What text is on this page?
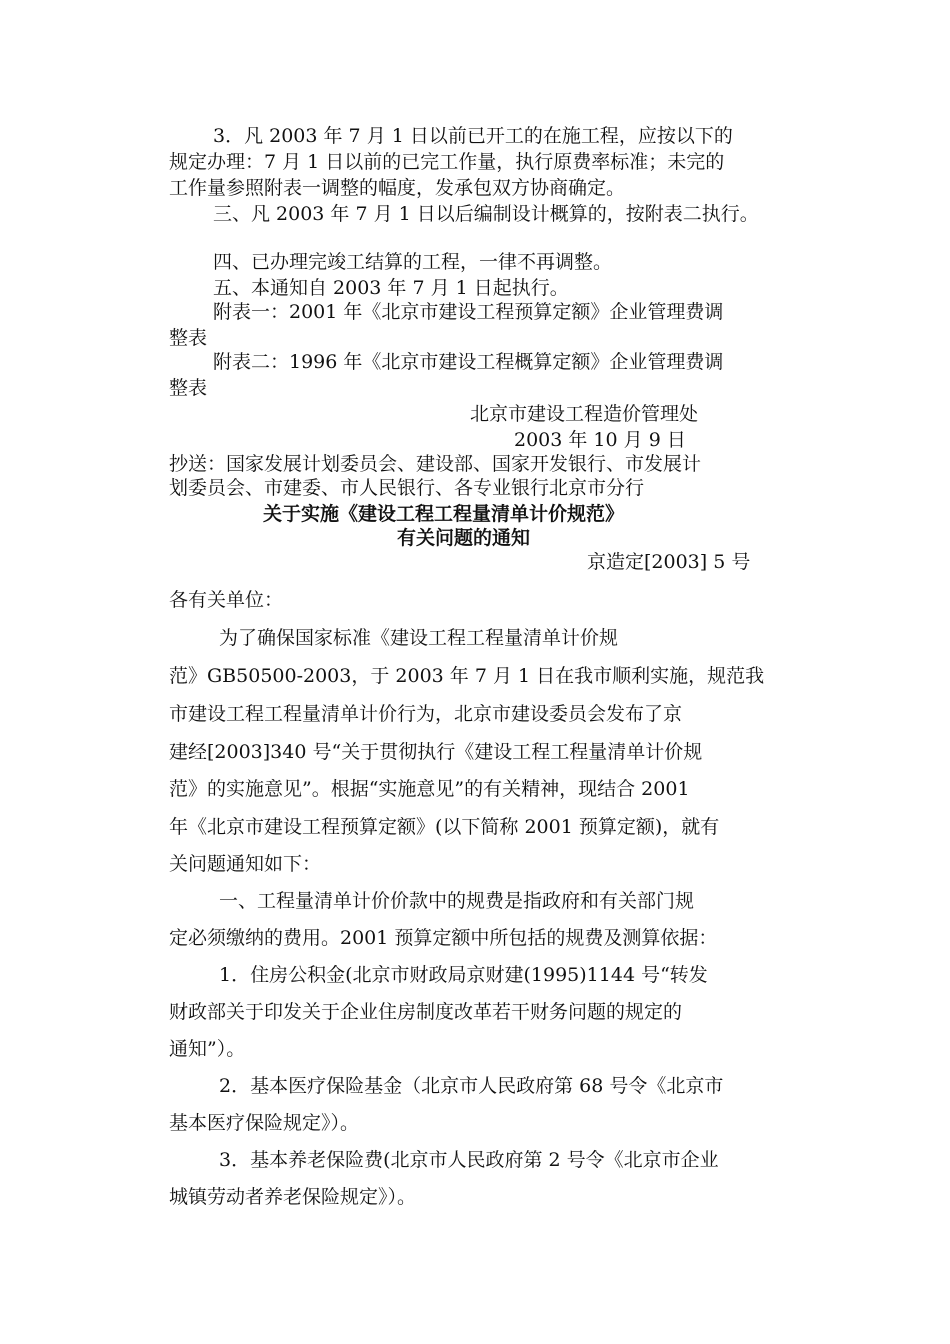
3．凡 2003 年 7 月 1 日以前已开工的在施工程，应按以下的
规定办理：7 月 1 日以前的已完工作量，执行原费率标准；未完的
工作量参照附表一调整的幅度，发承包双方协商确定。
三、凡 2003 年 7 月 1 日以后编制设计概算的，按附表二执行。
四、已办理完竣工结算的工程，一律不再调整。
五、本通知自 2003 年 7 月 1 日起执行。
附表一：2001 年《北京市建设工程预算定额》企业管理费调
整表
附表二：1996 年《北京市建设工程概算定额》企业管理费调
整表
北京市建设工程造价管理处
2003 年 10 月 9 日
抄送：国家发展计划委员会、建设部、国家开发银行、市发展计
划委员会、市建委、市人民银行、各专业银行北京市分行
关于实施《建设工程工程量清单计价规范》
有关问题的通知
京造定[2003] 5 号
各有关单位：
为了确保国家标准《建设工程工程量清单计价规
范》GB50500-2003，于 2003 年 7 月 1 日在我市顺利实施，规范我
市建设工程工程量清单计价行为，北京市建设委员会发布了京
建经[2003]340 号“关于贯彻执行《建设工程工程量清单计价规
范》的实施意见”。根据“实施意见”的有关精神，现结合 2001
年《北京市建设工程预算定额》(以下简称 2001 预算定额)，就有
关问题通知如下：
一、工程量清单计价价款中的规费是指政府和有关部门规
定必须缴纳的费用。2001 预算定额中所包括的规费及测算依据：
1．住房公积金(北京市财政局京财建(1995)1144 号“转发
财政部关于印发关于企业住房制度改革若干财务问题的规定的
通知”）。
2．基本医疗保险基金（北京市人民政府第 68 号令《北京市
基本医疗保险规定》）。
3．基本养老保险费(北京市人民政府第 2 号令《北京市企业
城镇劳动者养老保险规定》）。
